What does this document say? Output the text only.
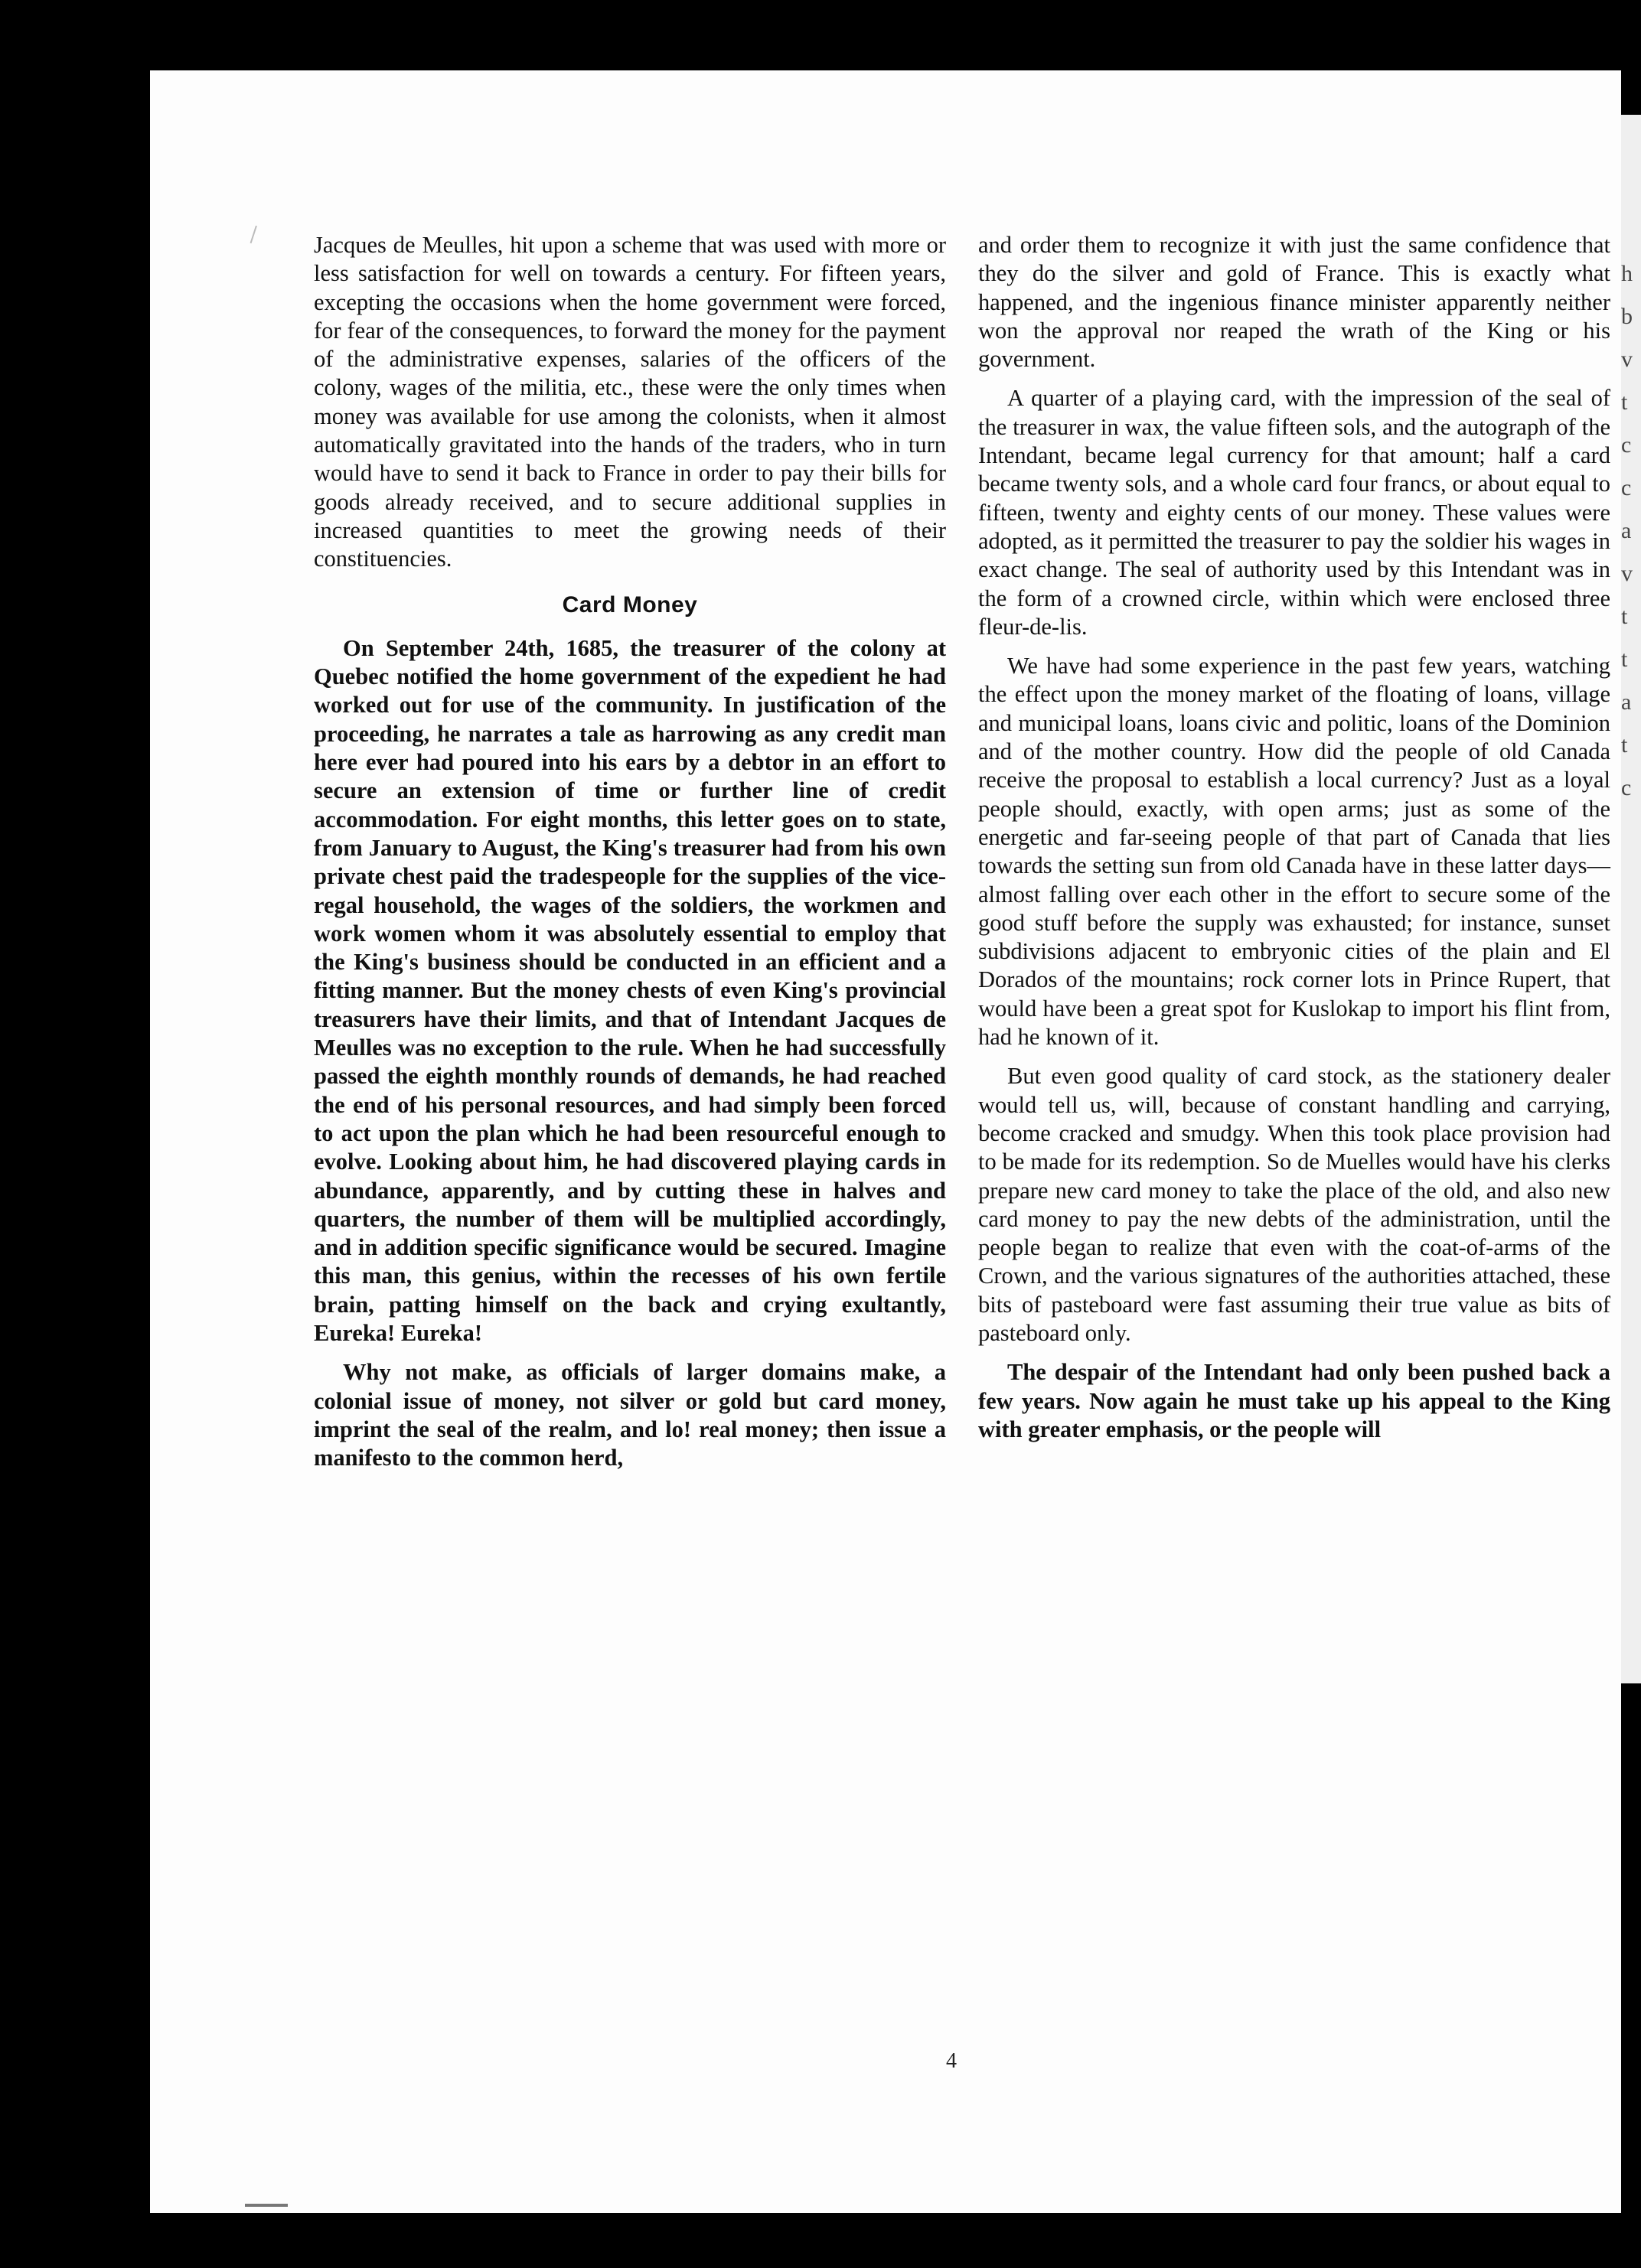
h
b
v
t
c
c
a
v
t
t
a
t
c

Jacques de Meulles, hit upon a scheme that was used with more or less satisfaction for well on towards a century. For fifteen years, excepting the occasions when the home government were forced, for fear of the consequences, to forward the money for the payment of the administrative expenses, salaries of the officers of the colony, wages of the militia, etc., these were the only times when money was available for use among the colonists, when it almost automatically gravitated into the hands of the traders, who in turn would have to send it back to France in order to pay their bills for goods already received, and to secure additional supplies in increased quantities to meet the growing needs of their constituencies.

Card Money

On September 24th, 1685, the treasurer of the colony at Quebec notified the home government of the expedient he had worked out for use of the community. In justification of the proceeding, he narrates a tale as harrowing as any credit man here ever had poured into his ears by a debtor in an effort to secure an extension of time or further line of credit accommodation. For eight months, this letter goes on to state, from January to August, the King's treasurer had from his own private chest paid the tradespeople for the supplies of the vice-regal household, the wages of the soldiers, the workmen and work women whom it was absolutely essential to employ that the King's business should be conducted in an efficient and a fitting manner. But the money chests of even King's provincial treasurers have their limits, and that of Intendant Jacques de Meulles was no exception to the rule. When he had successfully passed the eighth monthly rounds of demands, he had reached the end of his personal resources, and had simply been forced to act upon the plan which he had been resourceful enough to evolve. Looking about him, he had discovered playing cards in abundance, apparently, and by cutting these in halves and quarters, the number of them will be multiplied accordingly, and in addition specific significance would be secured. Imagine this man, this genius, within the recesses of his own fertile brain, patting himself on the back and crying exultantly, Eureka! Eureka!

Why not make, as officials of larger domains make, a colonial issue of money, not silver or gold but card money, imprint the seal of the realm, and lo! real money; then issue a manifesto to the common herd,

and order them to recognize it with just the same confidence that they do the silver and gold of France. This is exactly what happened, and the ingenious finance minister apparently neither won the approval nor reaped the wrath of the King or his government.

A quarter of a playing card, with the impression of the seal of the treasurer in wax, the value fifteen sols, and the autograph of the Intendant, became legal currency for that amount; half a card became twenty sols, and a whole card four francs, or about equal to fifteen, twenty and eighty cents of our money. These values were adopted, as it permitted the treasurer to pay the soldier his wages in exact change. The seal of authority used by this Intendant was in the form of a crowned circle, within which were enclosed three fleur-de-lis.

We have had some experience in the past few years, watching the effect upon the money market of the floating of loans, village and municipal loans, loans civic and politic, loans of the Dominion and of the mother country. How did the people of old Canada receive the proposal to establish a local currency? Just as a loyal people should, exactly, with open arms; just as some of the energetic and far-seeing people of that part of Canada that lies towards the setting sun from old Canada have in these latter days—almost falling over each other in the effort to secure some of the good stuff before the supply was exhausted; for instance, sunset subdivisions adjacent to embryonic cities of the plain and El Dorados of the mountains; rock corner lots in Prince Rupert, that would have been a great spot for Kuslokap to import his flint from, had he known of it.

But even good quality of card stock, as the stationery dealer would tell us, will, because of constant handling and carrying, become cracked and smudgy. When this took place provision had to be made for its redemption. So de Muelles would have his clerks prepare new card money to take the place of the old, and also new card money to pay the new debts of the administration, until the people began to realize that even with the coat-of-arms of the Crown, and the various signatures of the authorities attached, these bits of pasteboard were fast assuming their true value as bits of pasteboard only.

The despair of the Intendant had only been pushed back a few years. Now again he must take up his appeal to the King with greater emphasis, or the people will

4
